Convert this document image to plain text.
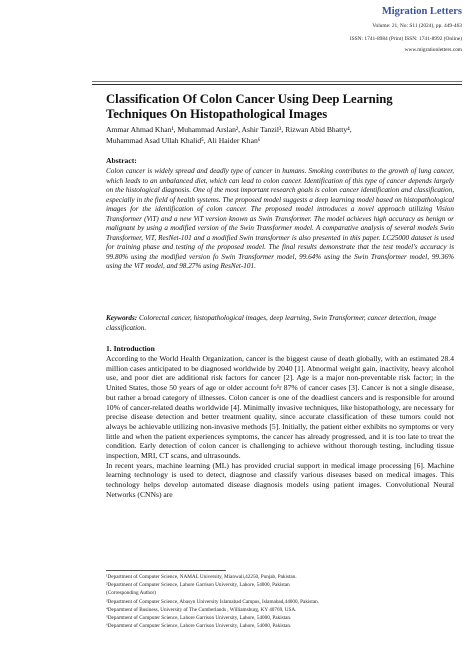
Migration Letters
Volume: 21, No: S11 (2024), pp. 449-463
ISSN: 1741-8984 (Print) ISSN: 1741-8992 (Online)
www.migrationletters.com
Classification Of Colon Cancer Using Deep Learning Techniques On Histopathological Images
Ammar Ahmad Khan¹, Muhammad Arslan², Ashir Tanzil³, Rizwan Abid Bhatty⁴,
Muhammad Asad Ullah Khalid⁵, Ali Haider Khan⁶
Abstract:
Colon cancer is widely spread and deadly type of cancer in humans. Smoking contributes to the growth of lung cancer, which leads to an unbalanced diet, which can lead to colon cancer. Identification of this type of cancer depends largely on the histological diagnosis. One of the most important research goals is colon cancer identification and classification, especially in the field of health systems. The proposed model suggests a deep learning model based on histopathological images for the identification of colon cancer. The proposed model introduces a novel approach utilizing Vision Transformer (ViT) and a new ViT version known as Swin Transformer. The model achieves high accuracy as benign or malignant by using a modified version of the Swin Transformer model. A comparative analysis of several models Swin Transformer, ViT, ResNet-101 and a modified Swin transformer is also presented in this paper. LC25000 dataset is used for training phase and testing of the proposed model. The final results demonstrate that the test model's accuracy is 99.80% using the modified version fo Swin Transformer model, 99.64% using the Swin Transformer model, 99.36% using the ViT model, and 98.27% using ResNet-101.
Keywords: Colorectal cancer, histopathological images, deep learning, Swin Transformer, cancer detection, image classification.
1. Introduction

According to the World Health Organization, cancer is the biggest cause of death globally, with an estimated 28.4 million cases anticipated to be diagnosed worldwide by 2040 [1]. Abnormal weight gain, inactivity, heavy alcohol use, and poor diet are additional risk factors for cancer [2]. Age is a major non-preventable risk factor; in the United States, those 50 years of age or older account fo¹r 87% of cancer cases [3]. Cancer is not a single disease, but rather a broad category of illnesses. Colon cancer is one of the deadliest cancers and is responsible for around 10% of cancer-related deaths worldwide [4]. Minimally invasive techniques, like histopathology, are necessary for precise disease detection and better treatment quality, since accurate classification of these tumors could not always be achievable utilizing non-invasive methods [5]. Initially, the patient either exhibits no symptoms or very little and when the patient experiences symptoms, the cancer has already progressed, and it is too late to treat the condition. Early detection of colon cancer is challenging to achieve without thorough testing, including tissue inspection, MRI, CT scans, and ultrasounds.

In recent years, machine learning (ML) has provided crucial support in medical image processing [6]. Machine learning technology is used to detect, diagnose and classify various diseases based on medical images. This technology helps develop automated disease diagnosis models using patient images. Convolutional Neural Networks (CNNs) are

¹Department of Computer Science, NAMAL University, Mianwali,42250, Punjab, Pakistan.
²Department of Computer Science, Lahore Garrison University, Lahore, 54000, Pakistan
(Corresponding Author)
³Department of Computer Science, Abasyn University Islamabad Campus, Islamabad,44000, Pakistan.
⁴Department of Business, University of The Cumberlands , Williamsburg, KY 40769, USA.
⁵Department of Computer Science, Lahore Garrison University, Lahore, 54000, Pakistan.
⁶Department of Computer Science, Lahore Garrison University, Lahore, 54000, Pakistan.
